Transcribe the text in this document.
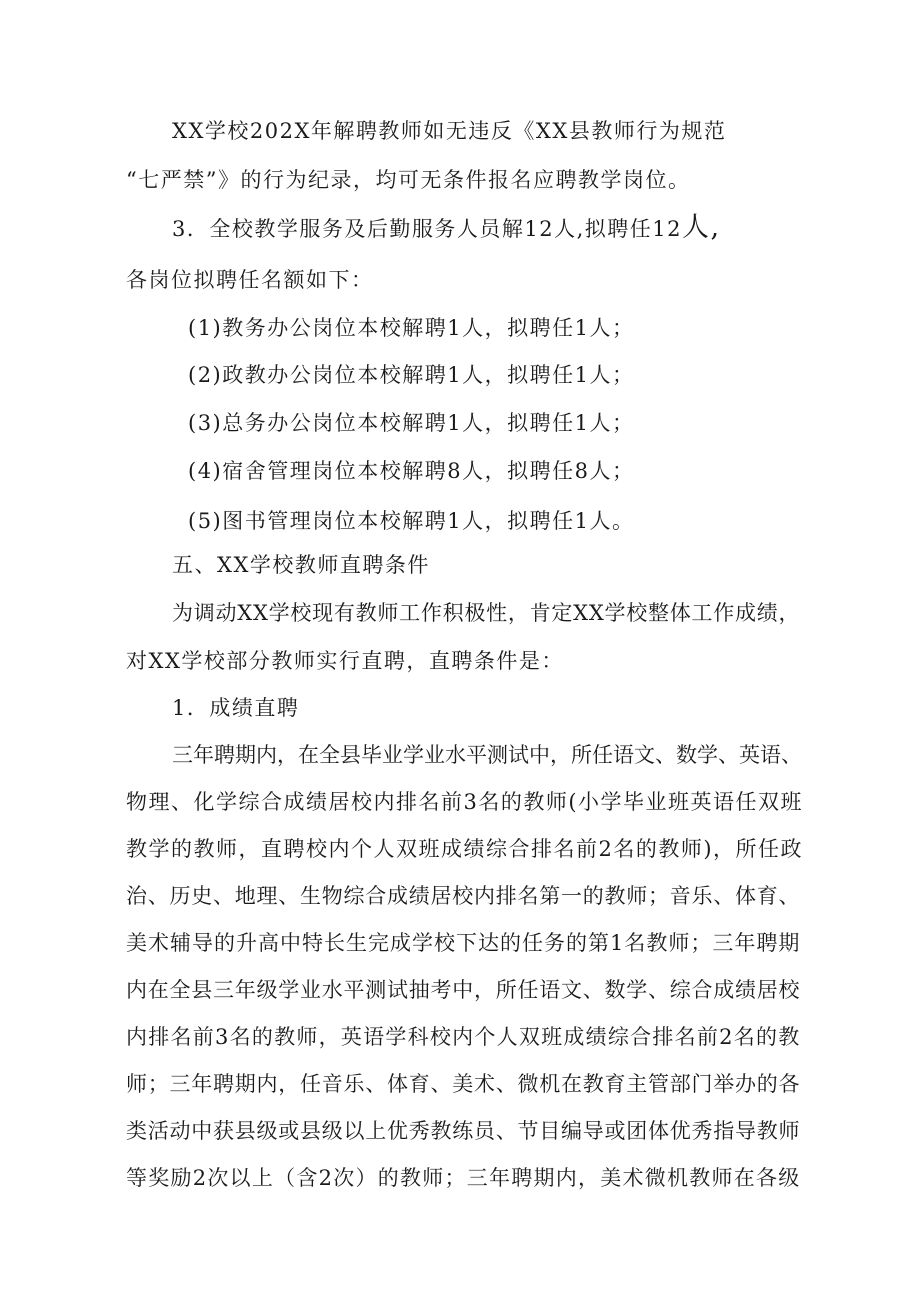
XX学校202X年解聘教师如无违反《XX县教师行为规范
“七严禁”》的行为纪录，均可无条件报名应聘教学岗位。
3．全校教学服务及后勤服务人员解12人,拟聘任12人,
各岗位拟聘任名额如下：
(1)教务办公岗位本校解聘1人，拟聘任1人；
(2)政教办公岗位本校解聘1人，拟聘任1人；
(3)总务办公岗位本校解聘1人，拟聘任1人；
(4)宿舍管理岗位本校解聘8人，拟聘任8人；
(5)图书管理岗位本校解聘1人，拟聘任1人。
五、XX学校教师直聘条件
为调动XX学校现有教师工作积极性，肯定XX学校整体工作成绩，
对XX学校部分教师实行直聘，直聘条件是：
1．成绩直聘
三年聘期内，在全县毕业学业水平测试中，所任语文、数学、英语、
物理、化学综合成绩居校内排名前3名的教师(小学毕业班英语任双班
教学的教师，直聘校内个人双班成绩综合排名前2名的教师)，所任政
治、历史、地理、生物综合成绩居校内排名第一的教师；音乐、体育、
美术辅导的升高中特长生完成学校下达的任务的第1名教师；三年聘期
内在全县三年级学业水平测试抽考中，所任语文、数学、综合成绩居校
内排名前3名的教师，英语学科校内个人双班成绩综合排名前2名的教
师；三年聘期内，任音乐、体育、美术、微机在教育主管部门举办的各
类活动中获县级或县级以上优秀教练员、节目编导或团体优秀指导教师
等奖励2次以上（含2次）的教师；三年聘期内，美术微机教师在各级
